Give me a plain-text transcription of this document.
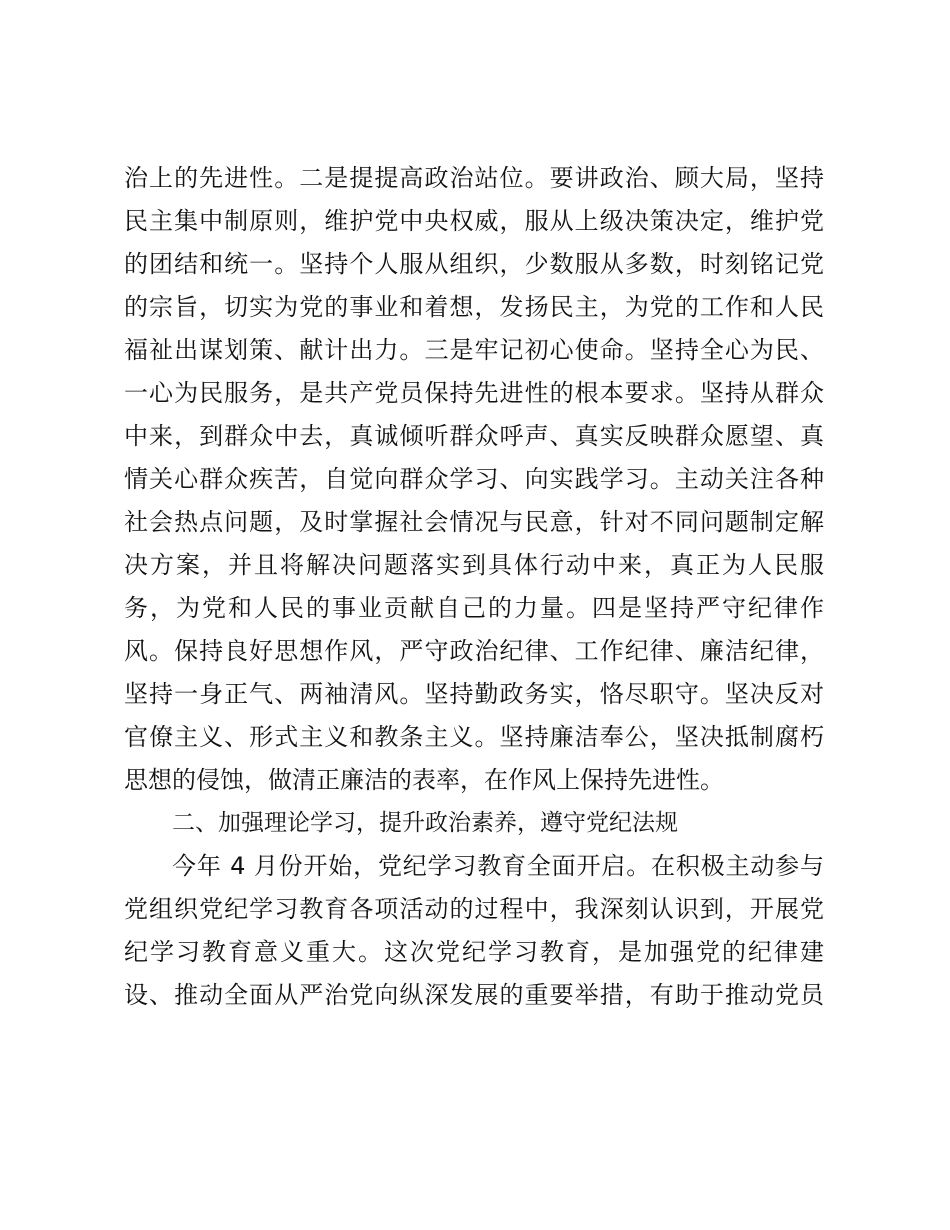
治上的先进性。二是提提高政治站位。要讲政治、顾大局，坚持
民主集中制原则，维护党中央权威，服从上级决策决定，维护党
的团结和统一。坚持个人服从组织，少数服从多数，时刻铭记党
的宗旨，切实为党的事业和着想，发扬民主，为党的工作和人民
福祉出谋划策、献计出力。三是牢记初心使命。坚持全心为民、
一心为民服务，是共产党员保持先进性的根本要求。坚持从群众
中来，到群众中去，真诚倾听群众呼声、真实反映群众愿望、真
情关心群众疾苦，自觉向群众学习、向实践学习。主动关注各种
社会热点问题，及时掌握社会情况与民意，针对不同问题制定解
决方案，并且将解决问题落实到具体行动中来，真正为人民服
务，为党和人民的事业贡献自己的力量。四是坚持严守纪律作
风。保持良好思想作风，严守政治纪律、工作纪律、廉洁纪律，
坚持一身正气、两袖清风。坚持勤政务实，恪尽职守。坚决反对
官僚主义、形式主义和教条主义。坚持廉洁奉公，坚决抵制腐朽
思想的侵蚀，做清正廉洁的表率，在作风上保持先进性。
二、加强理论学习，提升政治素养，遵守党纪法规
今年 4 月份开始，党纪学习教育全面开启。在积极主动参与
党组织党纪学习教育各项活动的过程中，我深刻认识到，开展党
纪学习教育意义重大。这次党纪学习教育，是加强党的纪律建
设、推动全面从严治党向纵深发展的重要举措，有助于推动党员
